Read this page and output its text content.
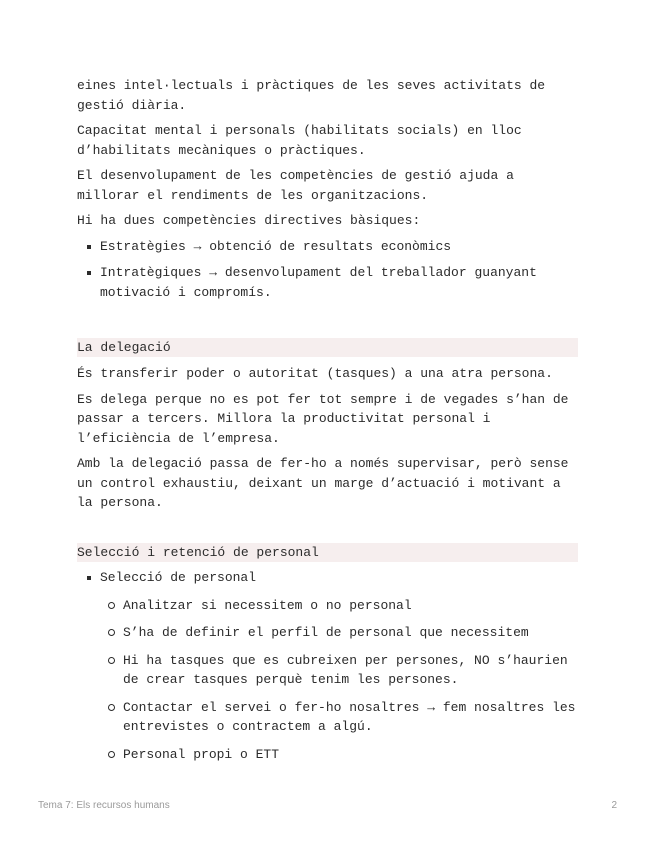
eines intel·lectuals i pràctiques de les seves activitats de gestió diària.

Capacitat mental i personals (habilitats socials) en lloc d’habilitats mecàniques o pràctiques.

El desenvolupament de les competències de gestió ajuda a millorar el rendiments de les organitzacions.

Hi ha dues competències directives bàsiques:

Estratègies → obtenció de resultats econòmics
Intratègiques → desenvolupament del treballador guanyant motivació i compromís.
La delegació

És transferir poder o autoritat (tasques) a una atra persona.

Es delega perque no es pot fer tot sempre i de vegades s’han de passar a tercers. Millora la productivitat personal i l’eficiència de l’empresa.

Amb la delegació passa de fer-ho a només supervisar, però sense un control exhaustiu, deixant un marge d’actuació i motivant a la persona.

Selecció i retenció de personal
Selecció de personal
Analitzar si necessitem o no personal
S’ha de definir el perfil de personal que necessitem
Hi ha tasques que es cubreixen per persones, NO s’haurien de crear tasques perquè tenim les persones.
Contactar el servei o fer-ho nosaltres → fem nosaltres les entrevistes o contractem a algú.
Personal propi o ETT
Tema 7: Els recursos humans	2
